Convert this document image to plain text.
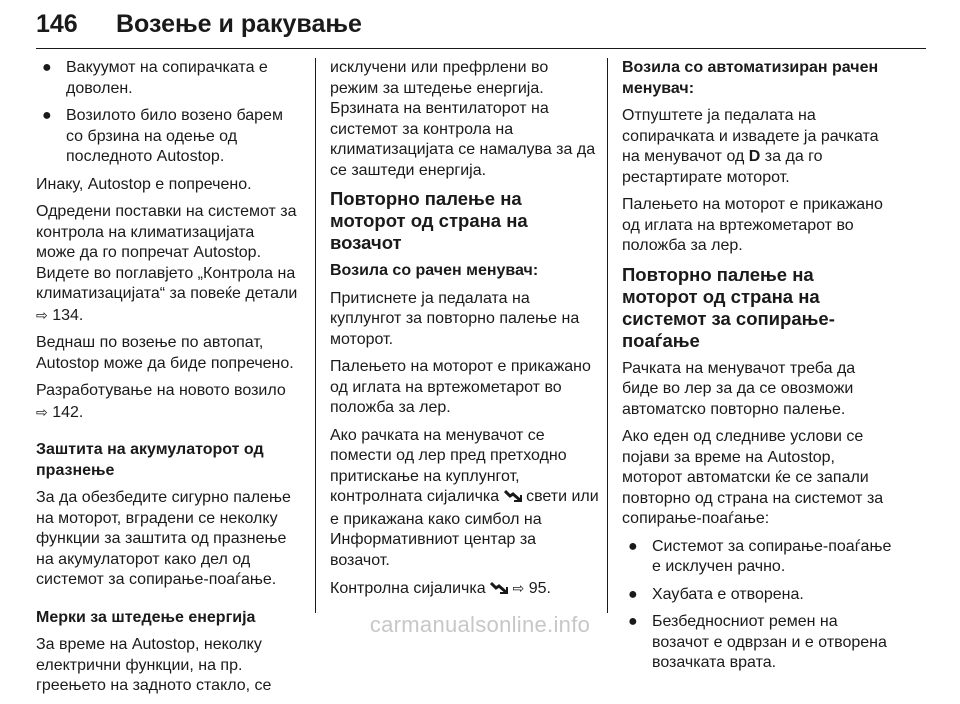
146 Возење и ракување
● Вакуумот на сопирачката е доволен.
● Возилото било возено барем со брзина на одење од последното Autostop.

Инаку, Autostop е попречено.

Одредени поставки на системот за контрола на климатизацијата може да го попречат Autostop. Видете во поглавјето „Контрола на климатизацијата“ за повеќе детали
⇨ 134.

Веднаш по возење по автопат, Autostop може да биде попречено.

Разработување на новото возило
⇨ 142.

Заштита на акумулаторот од празнење

За да обезбедите сигурно палење на моторот, вградени се неколку функции за заштита од празнење на акумулаторот како дел од системот за сопирање-поаѓање.

Мерки за штедење енергија

За време на Autostop, неколку електрични функции, на пр. греењето на задното стакло, се

исклучени или префрлени во режим за штедење енергија. Брзината на вентилаторот на системот за контрола на климатизацијата се намалува за да се заштеди енергија.

Повторно палење на моторот од страна на возачот

Возила со рачен менувач:

Притиснете ја педалата на куплунгот за повторно палење на моторот.

Палењето на моторот е прикажано од иглата на вртежометарот во положба за лер.

Ако рачката на менувачот се помести од лер пред претходно притискање на куплунгот, контролната сијаличка свети или е прикажана како симбол на Информативниот центар за возачот.

Контролна сијаличка ⇨ 95.

Возила со автоматизиран рачен менувач:

Отпуштете ја педалата на сопирачката и извадете ја рачката на менувачот од D за да го рестартирате моторот.

Палењето на моторот е прикажано од иглата на вртежометарот во положба за лер.

Повторно палење на моторот од страна на системот за сопирање-поаѓање

Рачката на менувачот треба да биде во лер за да се овозможи автоматско повторно палење.

Ако еден од следниве услови се појави за време на Autostop, моторот автоматски ќе се запали повторно од страна на системот за сопирање-поаѓање:

● Системот за сопирање-поаѓање е исклучен рачно.
● Хаубата е отворена.
● Безбедносниот ремен на возачот е одврзан и е отворена возачката врата.
carmanualsonline.info
